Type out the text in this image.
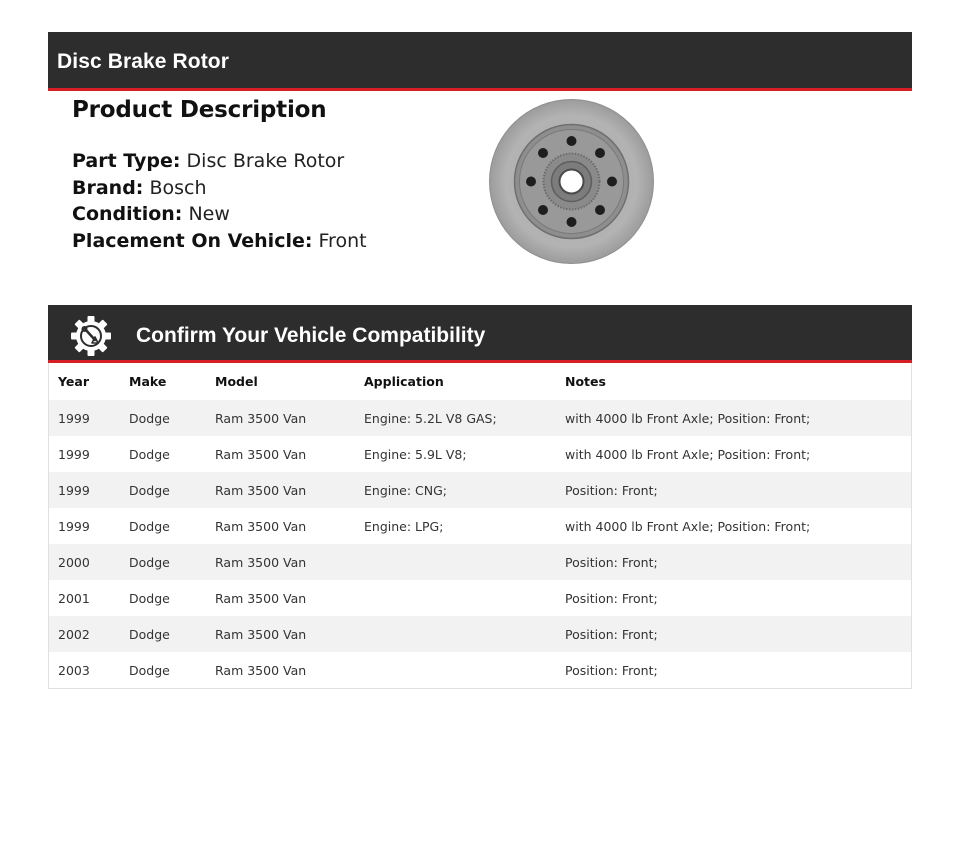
Disc Brake Rotor
Product Description
Part Type: Disc Brake Rotor
Brand: Bosch
Condition: New
Placement On Vehicle: Front
Confirm Your Vehicle Compatibility
Year	Make	Model	Application	Notes
1999	Dodge	Ram 3500 Van	Engine: 5.2L V8 GAS;	with 4000 lb Front Axle; Position: Front;
1999	Dodge	Ram 3500 Van	Engine: 5.9L V8;	with 4000 lb Front Axle; Position: Front;
1999	Dodge	Ram 3500 Van	Engine: CNG;	Position: Front;
1999	Dodge	Ram 3500 Van	Engine: LPG;	with 4000 lb Front Axle; Position: Front;
2000	Dodge	Ram 3500 Van		Position: Front;
2001	Dodge	Ram 3500 Van		Position: Front;
2002	Dodge	Ram 3500 Van		Position: Front;
2003	Dodge	Ram 3500 Van		Position: Front;
